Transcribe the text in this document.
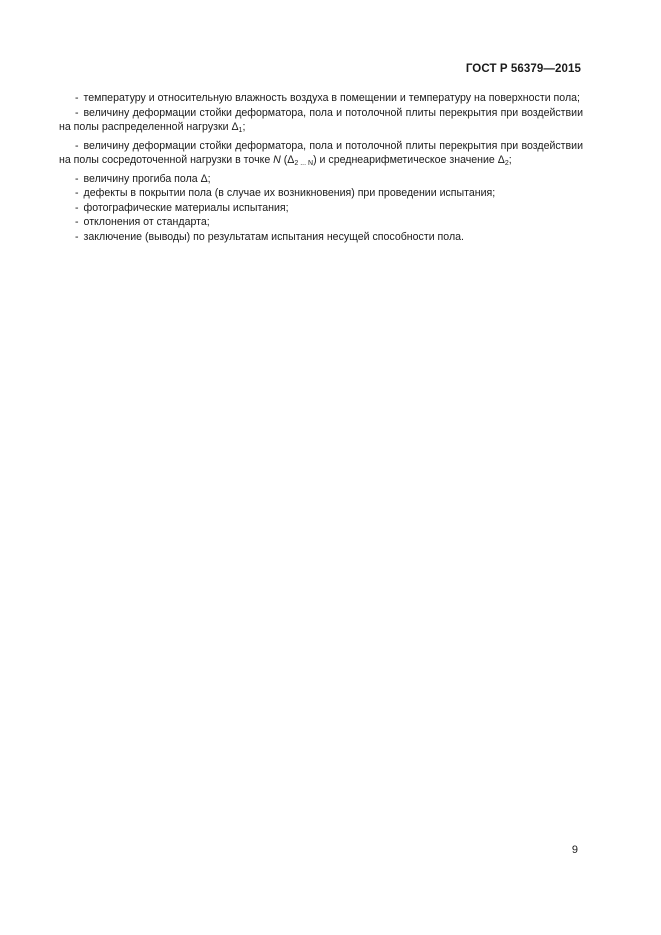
ГОСТ Р 56379—2015

- температуру и относительную влажность воздуха в помещении и температуру на поверхности пола;

- величину деформации стойки деформатора, пола и потолочной плиты перекрытия при воздействии на полы распределенной нагрузки $\Delta_1$;

- величину деформации стойки деформатора, пола и потолочной плиты перекрытия при воздействии на полы сосредоточенной нагрузки в точке N $(\Delta_{2 ... N})$ и среднеарифметическое значение $\Delta_2$;

- величину прогиба пола Δ;

- дефекты в покрытии пола (в случае их возникновения) при проведении испытания;

- фотографические материалы испытания;

- отклонения от стандарта;

- заключение (выводы) по результатам испытания несущей способности пола.

9
